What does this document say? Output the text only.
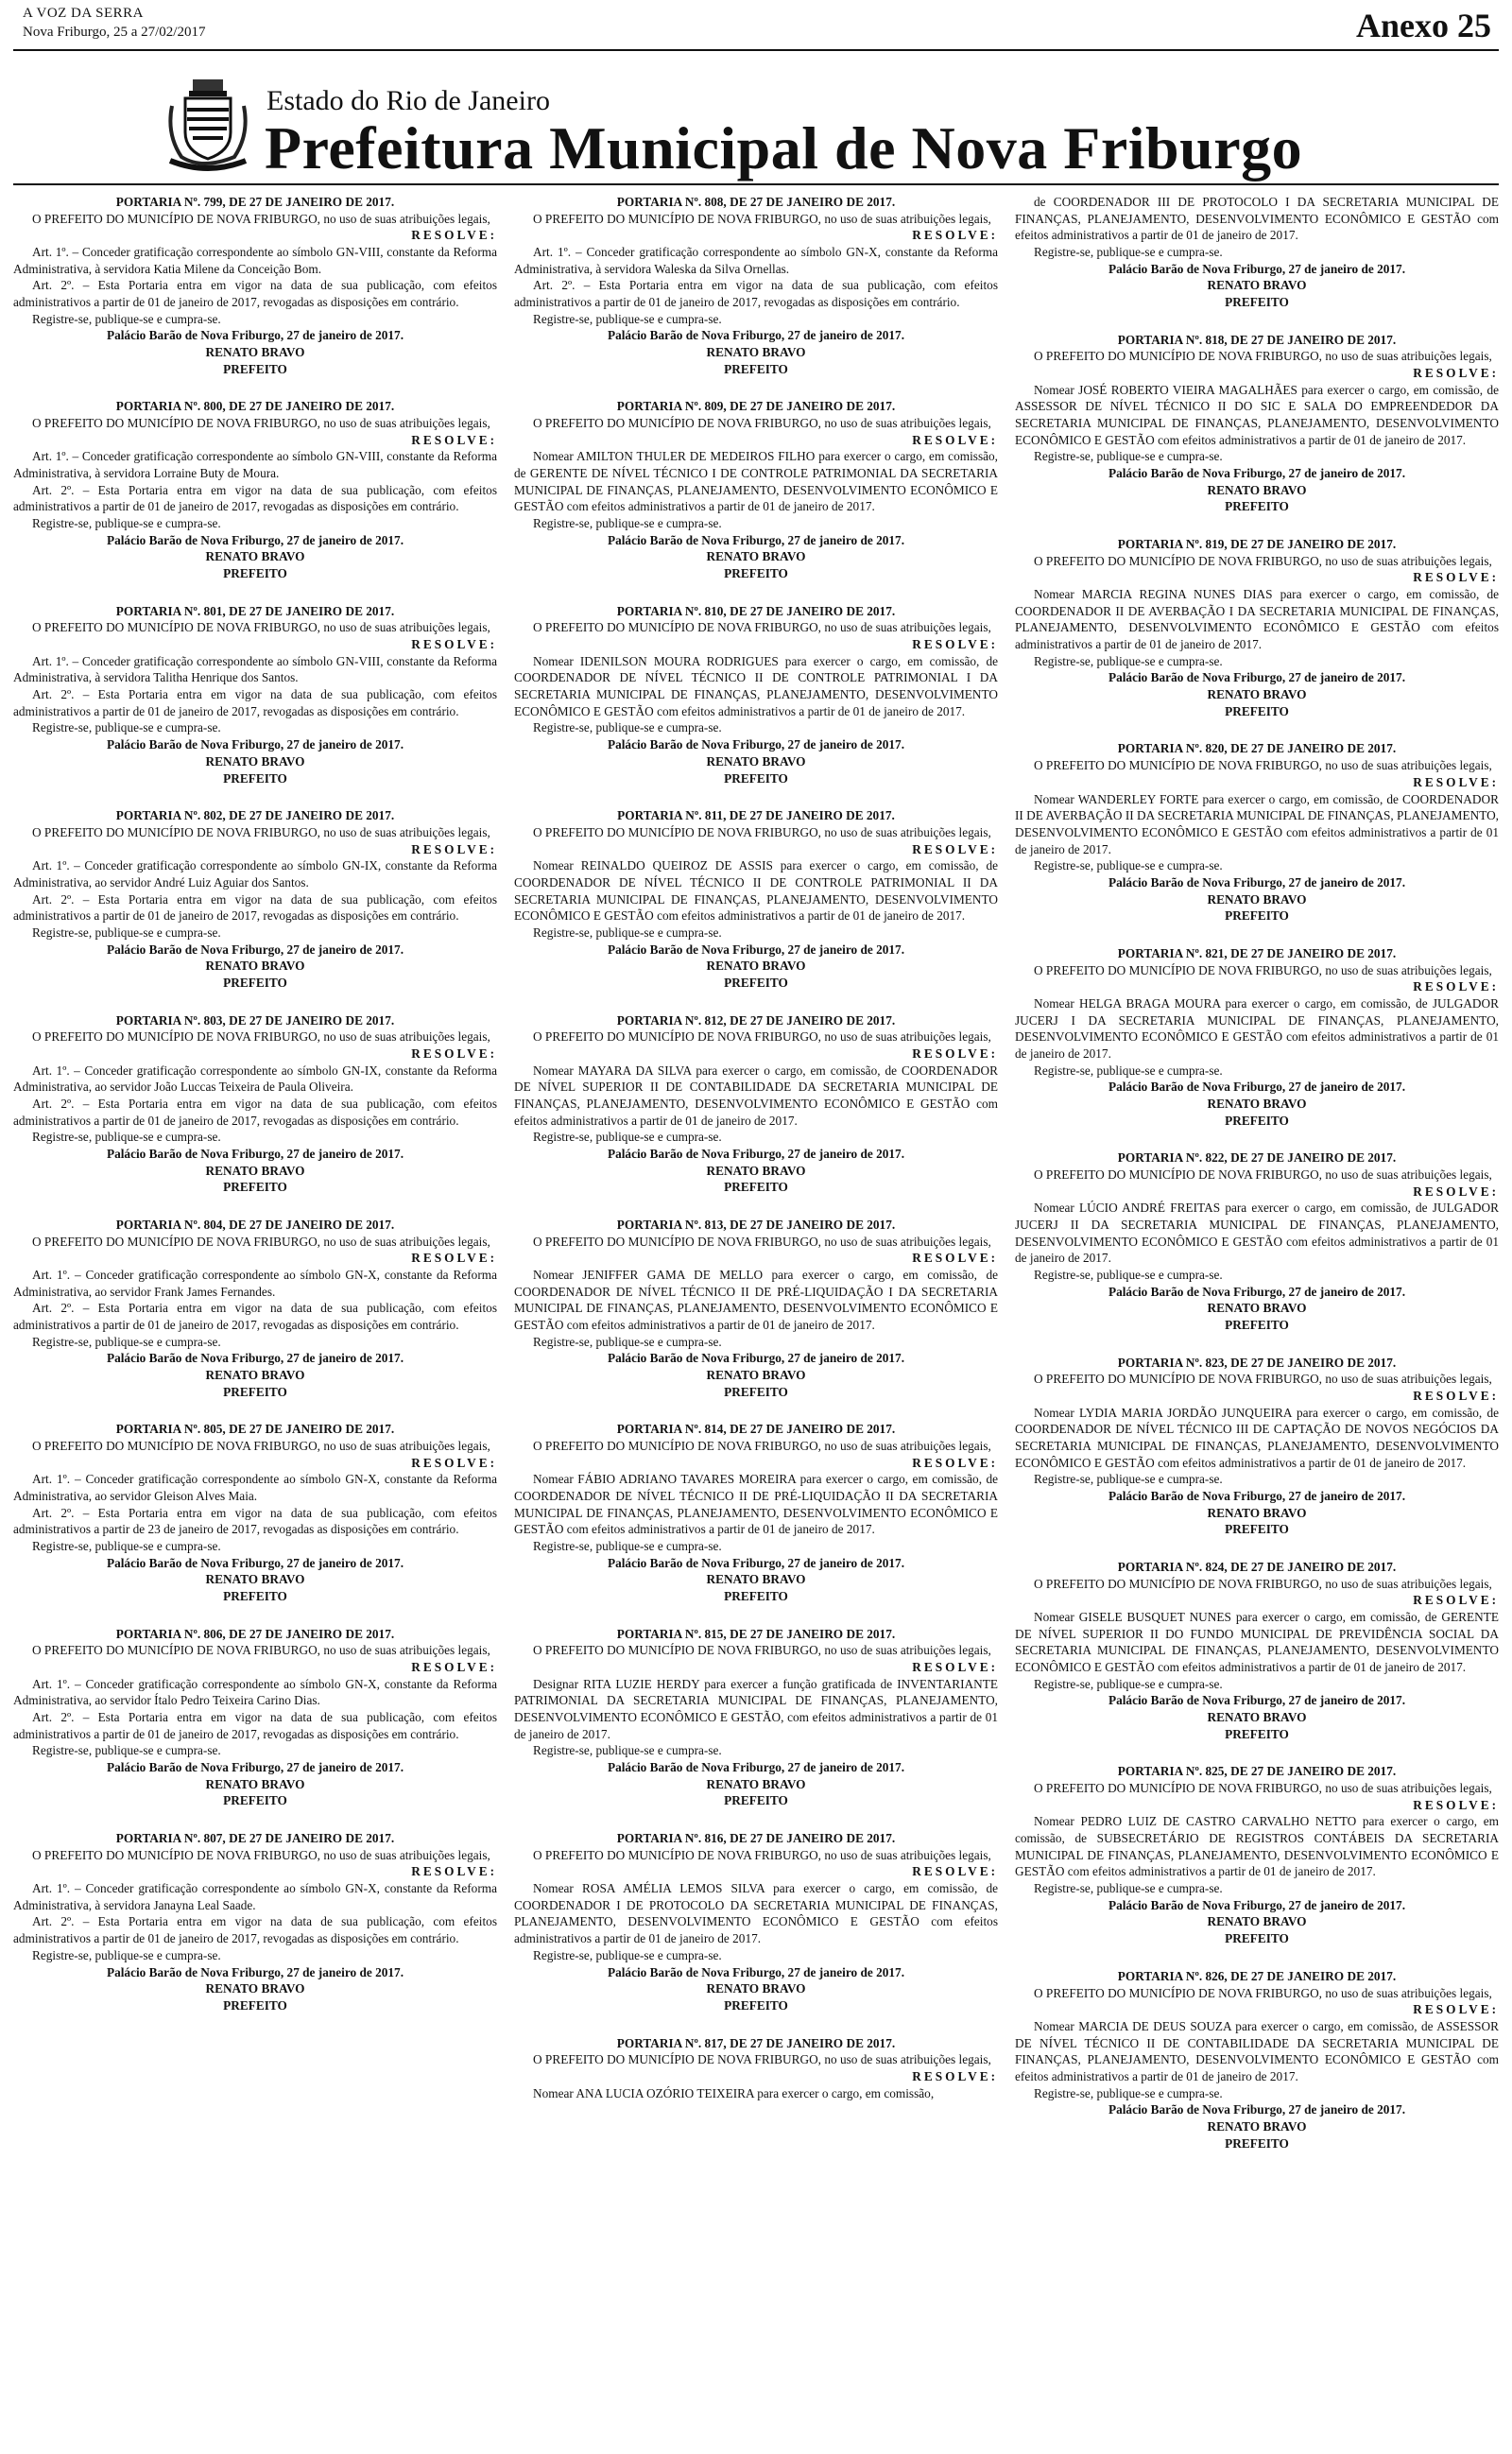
A VOZ DA SERRA
Nova Friburgo, 25 a 27/02/2017	Anexo 25
Estado do Rio de Janeiro
Prefeitura Municipal de Nova Friburgo

PORTARIA Nº. 799, DE 27 DE JANEIRO DE 2017.

O PREFEITO DO MUNICÍPIO DE NOVA FRIBURGO, no uso de suas atribuições legais,

RESOLVE:

Art. 1º. – Conceder gratificação correspondente ao símbolo GN-VIII, constante da Reforma Administrativa, à servidora Katia Milene da Conceição Bom.

Art. 2º. – Esta Portaria entra em vigor na data de sua publicação, com efeitos administrativos a partir de 01 de janeiro de 2017, revogadas as disposições em contrário.

Registre-se, publique-se e cumpra-se.

Palácio Barão de Nova Friburgo, 27 de janeiro de 2017.

RENATO BRAVO

PREFEITO

PORTARIA Nº. 800, DE 27 DE JANEIRO DE 2017.

O PREFEITO DO MUNICÍPIO DE NOVA FRIBURGO, no uso de suas atribuições legais,

RESOLVE:

Art. 1º. – Conceder gratificação correspondente ao símbolo GN-VIII, constante da Reforma Administrativa, à servidora Lorraine Buty de Moura.

Art. 2º. – Esta Portaria entra em vigor na data de sua publicação, com efeitos administrativos a partir de 01 de janeiro de 2017, revogadas as disposições em contrário.

Registre-se, publique-se e cumpra-se.

Palácio Barão de Nova Friburgo, 27 de janeiro de 2017.

RENATO BRAVO

PREFEITO

PORTARIA Nº. 801, DE 27 DE JANEIRO DE 2017.

O PREFEITO DO MUNICÍPIO DE NOVA FRIBURGO, no uso de suas atribuições legais,

RESOLVE:

Art. 1º. – Conceder gratificação correspondente ao símbolo GN-VIII, constante da Reforma Administrativa, à servidora Talitha Henrique dos Santos.

Art. 2º. – Esta Portaria entra em vigor na data de sua publicação, com efeitos administrativos a partir de 01 de janeiro de 2017, revogadas as disposições em contrário.

Registre-se, publique-se e cumpra-se.

Palácio Barão de Nova Friburgo, 27 de janeiro de 2017.

RENATO BRAVO

PREFEITO

PORTARIA Nº. 802, DE 27 DE JANEIRO DE 2017.

O PREFEITO DO MUNICÍPIO DE NOVA FRIBURGO, no uso de suas atribuições legais,

RESOLVE:

Art. 1º. – Conceder gratificação correspondente ao símbolo GN-IX, constante da Reforma Administrativa, ao servidor André Luiz Aguiar dos Santos.

Art. 2º. – Esta Portaria entra em vigor na data de sua publicação, com efeitos administrativos a partir de 01 de janeiro de 2017, revogadas as disposições em contrário.

Registre-se, publique-se e cumpra-se.

Palácio Barão de Nova Friburgo, 27 de janeiro de 2017.

RENATO BRAVO

PREFEITO

PORTARIA Nº. 803, DE 27 DE JANEIRO DE 2017.

O PREFEITO DO MUNICÍPIO DE NOVA FRIBURGO, no uso de suas atribuições legais,

RESOLVE:

Art. 1º. – Conceder gratificação correspondente ao símbolo GN-IX, constante da Reforma Administrativa, ao servidor João Luccas Teixeira de Paula Oliveira.

Art. 2º. – Esta Portaria entra em vigor na data de sua publicação, com efeitos administrativos a partir de 01 de janeiro de 2017, revogadas as disposições em contrário.

Registre-se, publique-se e cumpra-se.

Palácio Barão de Nova Friburgo, 27 de janeiro de 2017.

RENATO BRAVO

PREFEITO

PORTARIA Nº. 804, DE 27 DE JANEIRO DE 2017.

O PREFEITO DO MUNICÍPIO DE NOVA FRIBURGO, no uso de suas atribuições legais,

RESOLVE:

Art. 1º. – Conceder gratificação correspondente ao símbolo GN-X, constante da Reforma Administrativa, ao servidor Frank James Fernandes.

Art. 2º. – Esta Portaria entra em vigor na data de sua publicação, com efeitos administrativos a partir de 01 de janeiro de 2017, revogadas as disposições em contrário.

Registre-se, publique-se e cumpra-se.

Palácio Barão de Nova Friburgo, 27 de janeiro de 2017.

RENATO BRAVO

PREFEITO

PORTARIA Nº. 805, DE 27 DE JANEIRO DE 2017.

O PREFEITO DO MUNICÍPIO DE NOVA FRIBURGO, no uso de suas atribuições legais,

RESOLVE:

Art. 1º. – Conceder gratificação correspondente ao símbolo GN-X, constante da Reforma Administrativa, ao servidor Gleison Alves Maia.

Art. 2º. – Esta Portaria entra em vigor na data de sua publicação, com efeitos administrativos a partir de 23 de janeiro de 2017, revogadas as disposições em contrário.

Registre-se, publique-se e cumpra-se.

Palácio Barão de Nova Friburgo, 27 de janeiro de 2017.

RENATO BRAVO

PREFEITO

PORTARIA Nº. 806, DE 27 DE JANEIRO DE 2017.

O PREFEITO DO MUNICÍPIO DE NOVA FRIBURGO, no uso de suas atribuições legais,

RESOLVE:

Art. 1º. – Conceder gratificação correspondente ao símbolo GN-X, constante da Reforma Administrativa, ao servidor Ítalo Pedro Teixeira Carino Dias.

Art. 2º. – Esta Portaria entra em vigor na data de sua publicação, com efeitos administrativos a partir de 01 de janeiro de 2017, revogadas as disposições em contrário.

Registre-se, publique-se e cumpra-se.

Palácio Barão de Nova Friburgo, 27 de janeiro de 2017.

RENATO BRAVO

PREFEITO

PORTARIA Nº. 807, DE 27 DE JANEIRO DE 2017.

O PREFEITO DO MUNICÍPIO DE NOVA FRIBURGO, no uso de suas atribuições legais,

RESOLVE:

Art. 1º. – Conceder gratificação correspondente ao símbolo GN-X, constante da Reforma Administrativa, à servidora Janayna Leal Saade.

Art. 2º. – Esta Portaria entra em vigor na data de sua publicação, com efeitos administrativos a partir de 01 de janeiro de 2017, revogadas as disposições em contrário.

Registre-se, publique-se e cumpra-se.

Palácio Barão de Nova Friburgo, 27 de janeiro de 2017.

RENATO BRAVO

PREFEITO

PORTARIA Nº. 808, DE 27 DE JANEIRO DE 2017.

O PREFEITO DO MUNICÍPIO DE NOVA FRIBURGO, no uso de suas atribuições legais,

RESOLVE:

Art. 1º. – Conceder gratificação correspondente ao símbolo GN-X, constante da Reforma Administrativa, à servidora Waleska da Silva Ornellas.

Art. 2º. – Esta Portaria entra em vigor na data de sua publicação, com efeitos administrativos a partir de 01 de janeiro de 2017, revogadas as disposições em contrário.

Registre-se, publique-se e cumpra-se.

Palácio Barão de Nova Friburgo, 27 de janeiro de 2017.

RENATO BRAVO

PREFEITO

PORTARIA Nº. 809, DE 27 DE JANEIRO DE 2017.

O PREFEITO DO MUNICÍPIO DE NOVA FRIBURGO, no uso de suas atribuições legais,

RESOLVE:

Nomear AMILTON THULER DE MEDEIROS FILHO para exercer o cargo, em comissão, de GERENTE DE NÍVEL TÉCNICO I DE CONTROLE PATRIMONIAL DA SECRETARIA MUNICIPAL DE FINANÇAS, PLANEJAMENTO, DESENVOLVIMENTO ECONÔMICO E GESTÃO com efeitos administrativos a partir de 01 de janeiro de 2017.

Registre-se, publique-se e cumpra-se.

Palácio Barão de Nova Friburgo, 27 de janeiro de 2017.

RENATO BRAVO

PREFEITO

PORTARIA Nº. 810, DE 27 DE JANEIRO DE 2017.

O PREFEITO DO MUNICÍPIO DE NOVA FRIBURGO, no uso de suas atribuições legais,

RESOLVE:

Nomear IDENILSON MOURA RODRIGUES para exercer o cargo, em comissão, de COORDENADOR DE NÍVEL TÉCNICO II DE CONTROLE PATRIMONIAL I DA SECRETARIA MUNICIPAL DE FINANÇAS, PLANEJAMENTO, DESENVOLVIMENTO ECONÔMICO E GESTÃO com efeitos administrativos a partir de 01 de janeiro de 2017.

Registre-se, publique-se e cumpra-se.

Palácio Barão de Nova Friburgo, 27 de janeiro de 2017.

RENATO BRAVO

PREFEITO

PORTARIA Nº. 811, DE 27 DE JANEIRO DE 2017.

O PREFEITO DO MUNICÍPIO DE NOVA FRIBURGO, no uso de suas atribuições legais,

RESOLVE:

Nomear REINALDO QUEIROZ DE ASSIS para exercer o cargo, em comissão, de COORDENADOR DE NÍVEL TÉCNICO II DE CONTROLE PATRIMONIAL II DA SECRETARIA MUNICIPAL DE FINANÇAS, PLANEJAMENTO, DESENVOLVIMENTO ECONÔMICO E GESTÃO com efeitos administrativos a partir de 01 de janeiro de 2017.

Registre-se, publique-se e cumpra-se.

Palácio Barão de Nova Friburgo, 27 de janeiro de 2017.

RENATO BRAVO

PREFEITO

PORTARIA Nº. 812, DE 27 DE JANEIRO DE 2017.

O PREFEITO DO MUNICÍPIO DE NOVA FRIBURGO, no uso de suas atribuições legais,

RESOLVE:

Nomear MAYARA DA SILVA para exercer o cargo, em comissão, de COORDENADOR DE NÍVEL SUPERIOR II DE CONTABILIDADE DA SECRETARIA MUNICIPAL DE FINANÇAS, PLANEJAMENTO, DESENVOLVIMENTO ECONÔMICO E GESTÃO com efeitos administrativos a partir de 01 de janeiro de 2017.

Registre-se, publique-se e cumpra-se.

Palácio Barão de Nova Friburgo, 27 de janeiro de 2017.

RENATO BRAVO

PREFEITO

PORTARIA Nº. 813, DE 27 DE JANEIRO DE 2017.

O PREFEITO DO MUNICÍPIO DE NOVA FRIBURGO, no uso de suas atribuições legais,

RESOLVE:

Nomear JENIFFER GAMA DE MELLO para exercer o cargo, em comissão, de COORDENADOR DE NÍVEL TÉCNICO II DE PRÉ-LIQUIDAÇÃO I DA SECRETARIA MUNICIPAL DE FINANÇAS, PLANEJAMENTO, DESENVOLVIMENTO ECONÔMICO E GESTÃO com efeitos administrativos a partir de 01 de janeiro de 2017.

Registre-se, publique-se e cumpra-se.

Palácio Barão de Nova Friburgo, 27 de janeiro de 2017.

RENATO BRAVO

PREFEITO

PORTARIA Nº. 814, DE 27 DE JANEIRO DE 2017.

O PREFEITO DO MUNICÍPIO DE NOVA FRIBURGO, no uso de suas atribuições legais,

RESOLVE:

Nomear FÁBIO ADRIANO TAVARES MOREIRA para exercer o cargo, em comissão, de COORDENADOR DE NÍVEL TÉCNICO II DE PRÉ-LIQUIDAÇÃO II DA SECRETARIA MUNICIPAL DE FINANÇAS, PLANEJAMENTO, DESENVOLVIMENTO ECONÔMICO E GESTÃO com efeitos administrativos a partir de 01 de janeiro de 2017.

Registre-se, publique-se e cumpra-se.

Palácio Barão de Nova Friburgo, 27 de janeiro de 2017.

RENATO BRAVO

PREFEITO

PORTARIA Nº. 815, DE 27 DE JANEIRO DE 2017.

O PREFEITO DO MUNICÍPIO DE NOVA FRIBURGO, no uso de suas atribuições legais,

RESOLVE:

Designar RITA LUZIE HERDY para exercer a função gratificada de INVENTARIANTE PATRIMONIAL DA SECRETARIA MUNICIPAL DE FINANÇAS, PLANEJAMENTO, DESENVOLVIMENTO ECONÔMICO E GESTÃO, com efeitos administrativos a partir de 01 de janeiro de 2017.

Registre-se, publique-se e cumpra-se.

Palácio Barão de Nova Friburgo, 27 de janeiro de 2017.

RENATO BRAVO

PREFEITO

PORTARIA Nº. 816, DE 27 DE JANEIRO DE 2017.

O PREFEITO DO MUNICÍPIO DE NOVA FRIBURGO, no uso de suas atribuições legais,

RESOLVE:

Nomear ROSA AMÉLIA LEMOS SILVA para exercer o cargo, em comissão, de COORDENADOR I DE PROTOCOLO DA SECRETARIA MUNICIPAL DE FINANÇAS, PLANEJAMENTO, DESENVOLVIMENTO ECONÔMICO E GESTÃO com efeitos administrativos a partir de 01 de janeiro de 2017.

Registre-se, publique-se e cumpra-se.

Palácio Barão de Nova Friburgo, 27 de janeiro de 2017.

RENATO BRAVO

PREFEITO

PORTARIA Nº. 817, DE 27 DE JANEIRO DE 2017.

O PREFEITO DO MUNICÍPIO DE NOVA FRIBURGO, no uso de suas atribuições legais,

RESOLVE:

Nomear ANA LUCIA OZÓRIO TEIXEIRA para exercer o cargo, em comissão,

de COORDENADOR III DE PROTOCOLO I DA SECRETARIA MUNICIPAL DE FINANÇAS, PLANEJAMENTO, DESENVOLVIMENTO ECONÔMICO E GESTÃO com efeitos administrativos a partir de 01 de janeiro de 2017.

Registre-se, publique-se e cumpra-se.

Palácio Barão de Nova Friburgo, 27 de janeiro de 2017.

RENATO BRAVO

PREFEITO

PORTARIA Nº. 818, DE 27 DE JANEIRO DE 2017.

O PREFEITO DO MUNICÍPIO DE NOVA FRIBURGO, no uso de suas atribuições legais,

RESOLVE:

Nomear JOSÉ ROBERTO VIEIRA MAGALHÃES para exercer o cargo, em comissão, de ASSESSOR DE NÍVEL TÉCNICO II DO SIC E SALA DO EMPREENDEDOR DA SECRETARIA MUNICIPAL DE FINANÇAS, PLANEJAMENTO, DESENVOLVIMENTO ECONÔMICO E GESTÃO com efeitos administrativos a partir de 01 de janeiro de 2017.

Registre-se, publique-se e cumpra-se.

Palácio Barão de Nova Friburgo, 27 de janeiro de 2017.

RENATO BRAVO

PREFEITO

PORTARIA Nº. 819, DE 27 DE JANEIRO DE 2017.

O PREFEITO DO MUNICÍPIO DE NOVA FRIBURGO, no uso de suas atribuições legais,

RESOLVE:

Nomear MARCIA REGINA NUNES DIAS para exercer o cargo, em comissão, de COORDENADOR II DE AVERBAÇÃO I DA SECRETARIA MUNICIPAL DE FINANÇAS, PLANEJAMENTO, DESENVOLVIMENTO ECONÔMICO E GESTÃO com efeitos administrativos a partir de 01 de janeiro de 2017.

Registre-se, publique-se e cumpra-se.

Palácio Barão de Nova Friburgo, 27 de janeiro de 2017.

RENATO BRAVO

PREFEITO

PORTARIA Nº. 820, DE 27 DE JANEIRO DE 2017.

O PREFEITO DO MUNICÍPIO DE NOVA FRIBURGO, no uso de suas atribuições legais,

RESOLVE:

Nomear WANDERLEY FORTE para exercer o cargo, em comissão, de COORDENADOR II DE AVERBAÇÃO II DA SECRETARIA MUNICIPAL DE FINANÇAS, PLANEJAMENTO, DESENVOLVIMENTO ECONÔMICO E GESTÃO com efeitos administrativos a partir de 01 de janeiro de 2017.

Registre-se, publique-se e cumpra-se.

Palácio Barão de Nova Friburgo, 27 de janeiro de 2017.

RENATO BRAVO

PREFEITO

PORTARIA Nº. 821, DE 27 DE JANEIRO DE 2017.

O PREFEITO DO MUNICÍPIO DE NOVA FRIBURGO, no uso de suas atribuições legais,

RESOLVE:

Nomear HELGA BRAGA MOURA para exercer o cargo, em comissão, de JULGADOR JUCERJ I DA SECRETARIA MUNICIPAL DE FINANÇAS, PLANEJAMENTO, DESENVOLVIMENTO ECONÔMICO E GESTÃO com efeitos administrativos a partir de 01 de janeiro de 2017.

Registre-se, publique-se e cumpra-se.

Palácio Barão de Nova Friburgo, 27 de janeiro de 2017.

RENATO BRAVO

PREFEITO

PORTARIA Nº. 822, DE 27 DE JANEIRO DE 2017.

O PREFEITO DO MUNICÍPIO DE NOVA FRIBURGO, no uso de suas atribuições legais,

RESOLVE:

Nomear LÚCIO ANDRÉ FREITAS para exercer o cargo, em comissão, de JULGADOR JUCERJ II DA SECRETARIA MUNICIPAL DE FINANÇAS, PLANEJAMENTO, DESENVOLVIMENTO ECONÔMICO E GESTÃO com efeitos administrativos a partir de 01 de janeiro de 2017.

Registre-se, publique-se e cumpra-se.

Palácio Barão de Nova Friburgo, 27 de janeiro de 2017.

RENATO BRAVO

PREFEITO

PORTARIA Nº. 823, DE 27 DE JANEIRO DE 2017.

O PREFEITO DO MUNICÍPIO DE NOVA FRIBURGO, no uso de suas atribuições legais,

RESOLVE:

Nomear LYDIA MARIA JORDÃO JUNQUEIRA para exercer o cargo, em comissão, de COORDENADOR DE NÍVEL TÉCNICO III DE CAPTAÇÃO DE NOVOS NEGÓCIOS DA SECRETARIA MUNICIPAL DE FINANÇAS, PLANEJAMENTO, DESENVOLVIMENTO ECONÔMICO E GESTÃO com efeitos administrativos a partir de 01 de janeiro de 2017.

Registre-se, publique-se e cumpra-se.

Palácio Barão de Nova Friburgo, 27 de janeiro de 2017.

RENATO BRAVO

PREFEITO

PORTARIA Nº. 824, DE 27 DE JANEIRO DE 2017.

O PREFEITO DO MUNICÍPIO DE NOVA FRIBURGO, no uso de suas atribuições legais,

RESOLVE:

Nomear GISELE BUSQUET NUNES para exercer o cargo, em comissão, de GERENTE DE NÍVEL SUPERIOR II DO FUNDO MUNICIPAL DE PREVIDÊNCIA SOCIAL DA SECRETARIA MUNICIPAL DE FINANÇAS, PLANEJAMENTO, DESENVOLVIMENTO ECONÔMICO E GESTÃO com efeitos administrativos a partir de 01 de janeiro de 2017.

Registre-se, publique-se e cumpra-se.

Palácio Barão de Nova Friburgo, 27 de janeiro de 2017.

RENATO BRAVO

PREFEITO

PORTARIA Nº. 825, DE 27 DE JANEIRO DE 2017.

O PREFEITO DO MUNICÍPIO DE NOVA FRIBURGO, no uso de suas atribuições legais,

RESOLVE:

Nomear PEDRO LUIZ DE CASTRO CARVALHO NETTO para exercer o cargo, em comissão, de SUBSECRETÁRIO DE REGISTROS CONTÁBEIS DA SECRETARIA MUNICIPAL DE FINANÇAS, PLANEJAMENTO, DESENVOLVIMENTO ECONÔMICO E GESTÃO com efeitos administrativos a partir de 01 de janeiro de 2017.

Registre-se, publique-se e cumpra-se.

Palácio Barão de Nova Friburgo, 27 de janeiro de 2017.

RENATO BRAVO

PREFEITO

PORTARIA Nº. 826, DE 27 DE JANEIRO DE 2017.

O PREFEITO DO MUNICÍPIO DE NOVA FRIBURGO, no uso de suas atribuições legais,

RESOLVE:

Nomear MARCIA DE DEUS SOUZA para exercer o cargo, em comissão, de ASSESSOR DE NÍVEL TÉCNICO II DE CONTABILIDADE DA SECRETARIA MUNICIPAL DE FINANÇAS, PLANEJAMENTO, DESENVOLVIMENTO ECONÔMICO E GESTÃO com efeitos administrativos a partir de 01 de janeiro de 2017.

Registre-se, publique-se e cumpra-se.

Palácio Barão de Nova Friburgo, 27 de janeiro de 2017.

RENATO BRAVO

PREFEITO
